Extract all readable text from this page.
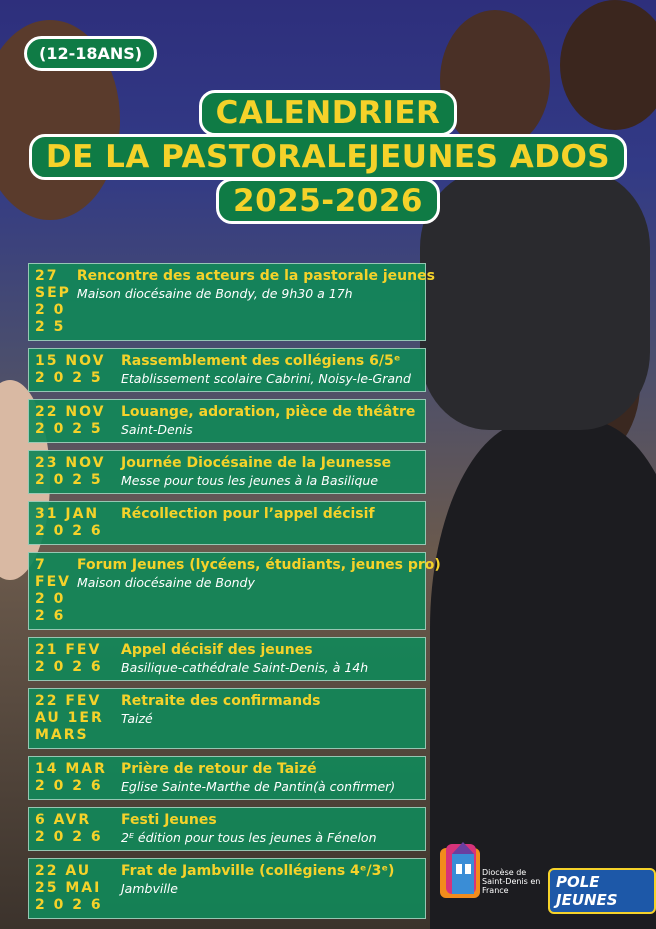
(12-18ANS)
CALENDRIER
DE LA PASTORALEJEUNES ADOS
2025-2026
27 SEP
2 0 2 5
Rencontre des acteurs de la pastorale jeunes
Maison diocésaine de Bondy, de 9h30 a 17h
15 NOV
2 0 2 5
Rassemblement des collégiens 6/5ᵉ
Etablissement scolaire Cabrini, Noisy-le-Grand
22 NOV
2 0 2 5
Louange, adoration, pièce de théâtre
Saint-Denis
23 NOV
2 0 2 5
Journée Diocésaine de la Jeunesse
Messe pour tous les jeunes à la Basilique
31 JAN
2 0 2 6
Récollection pour l’appel décisif
7 FEV
2 0 2 6
Forum Jeunes (lycéens, étudiants, jeunes pro)
Maison diocésaine de Bondy
21 FEV
2 0 2 6
Appel décisif des jeunes
Basilique-cathédrale Saint-Denis, à 14h
22 FEV
AU 1ER
MARS
Retraite des confirmands
Taizé
14 MAR
2 0 2 6
Prière de retour de Taizé
Eglise Sainte-Marthe de Pantin(à confirmer)
6 AVR
2 0 2 6
Festi Jeunes
2ᴱ édition pour tous les jeunes à Fénelon
22 AU
25 MAI
2 0 2 6
Frat de Jambville (collégiens 4ᵉ/3ᵉ)
Jambville
Diocèse de Saint-Denis en France	POLE JEUNES
